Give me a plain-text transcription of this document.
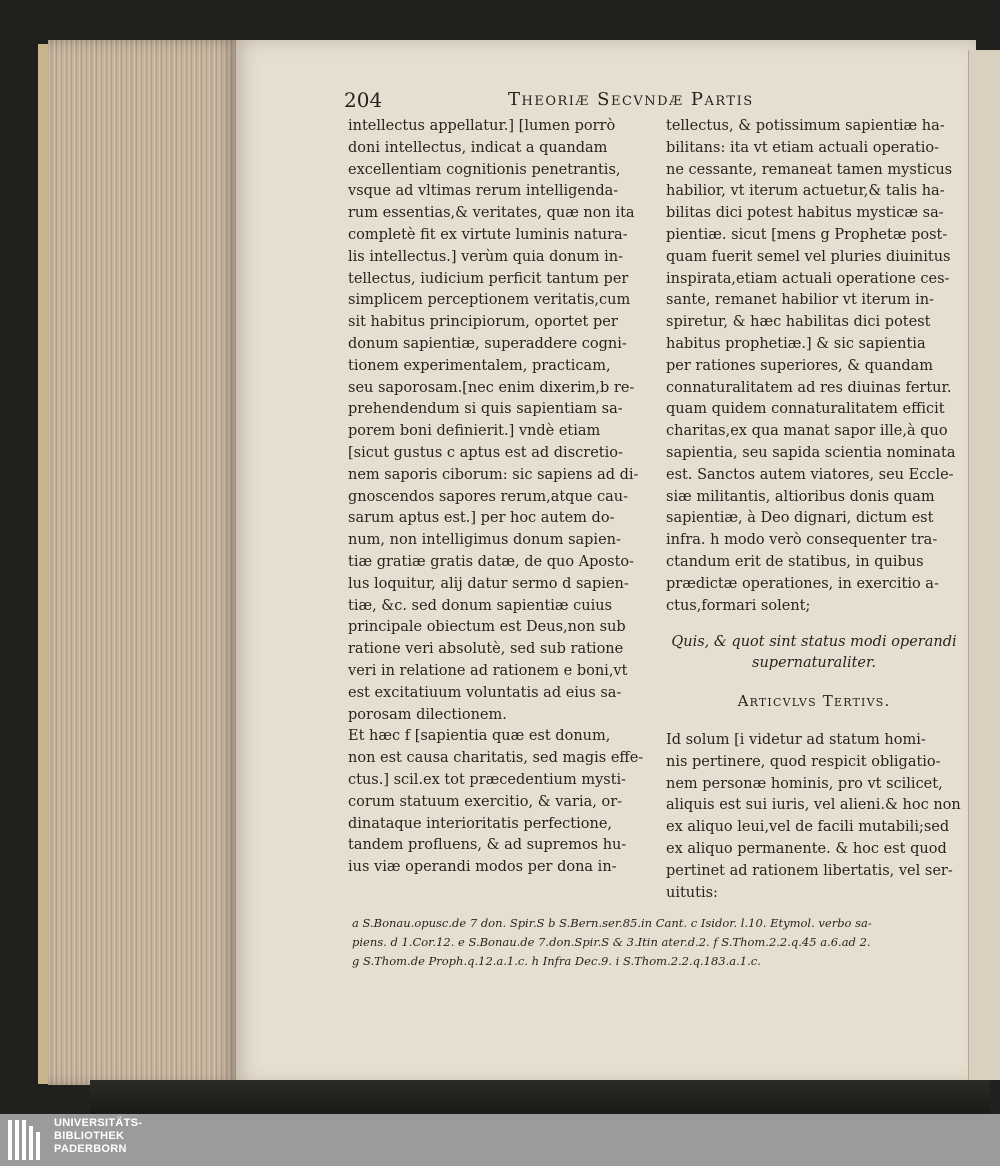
204	Theoriæ Secvndæ Partis
intellectus appellatur.] [lumen porrò
doni intellectus, indicat a quandam
excellentiam cognitionis penetrantis,
vsque ad vltimas rerum intelligenda-
rum essentias,& veritates, quæ non ita
completè fit ex virtute luminis natura-
lis intellectus.] verùm quia donum in-
tellectus, iudicium perficit tantum per
simplicem perceptionem veritatis,cum
sit habitus principiorum, oportet per
donum sapientiæ, superaddere cogni-
tionem experimentalem, practicam,
seu saporosam.[nec enim dixerim,b re-
prehendendum si quis sapientiam sa-
porem boni definierit.] vndè etiam
[sicut gustus c aptus est ad discretio-
nem saporis ciborum: sic sapiens ad di-
gnoscendos sapores rerum,atque cau-
sarum aptus est.] per hoc autem do-
num, non intelligimus donum sapien-
tiæ gratiæ gratis datæ, de quo Aposto-
lus loquitur, alij datur sermo d sapien-
tiæ, &c. sed donum sapientiæ cuius
principale obiectum est Deus,non sub
ratione veri absolutè, sed sub ratione
veri in relatione ad rationem e boni,vt
est excitatiuum voluntatis ad eius sa-
porosam dilectionem.
Et hæc f [sapientia quæ est donum,
non est causa charitatis, sed magis effe-
ctus.] scil.ex tot præcedentium mysti-
corum statuum exercitio, & varia, or-
dinataque interioritatis perfectione,
tandem profluens, & ad supremos hu-
ius viæ operandi modos per dona in-
tellectus, & potissimum sapientiæ ha-
bilitans: ita vt etiam actuali operatio-
ne cessante, remaneat tamen mysticus
habilior, vt iterum actuetur,& talis ha-
bilitas dici potest habitus mysticæ sa-
pientiæ. sicut [mens g Prophetæ post-
quam fuerit semel vel pluries diuinitus
inspirata,etiam actuali operatione ces-
sante, remanet habilior vt iterum in-
spiretur, & hæc habilitas dici potest
habitus prophetiæ.] & sic sapientia
per rationes superiores, & quandam
connaturalitatem ad res diuinas fertur.
quam quidem connaturalitatem efficit
charitas,ex qua manat sapor ille,à quo
sapientia, seu sapida scientia nominata
est. Sanctos autem viatores, seu Eccle-
siæ militantis, altioribus donis quam
sapientiæ, à Deo dignari, dictum est
infra. h modo verò consequenter tra-
ctandum erit de statibus, in quibus
prædictæ operationes, in exercitio a-
ctus,formari solent;
Quis, & quot sint status modi operandi
supernaturaliter.
Articvlvs Tertivs.
Id solum [i videtur ad statum homi-
nis pertinere, quod respicit obligatio-
nem personæ hominis, pro vt scilicet,
aliquis est sui iuris, vel alieni.& hoc non
ex aliquo leui,vel de facili mutabili;sed
ex aliquo permanente. & hoc est quod
pertinet ad rationem libertatis, vel ser-
uitutis:
a S.Bonau.opusc.de 7 don. Spir.S b S.Bern.ser.85.in Cant. c Isidor. l.10. Etymol. verbo sa-
piens. d 1.Cor.12. e S.Bonau.de 7.don.Spir.S & 3.Itin ater.d.2. f S.Thom.2.2.q.45 a.6.ad 2.
g S.Thom.de Proph.q.12.a.1.c. h Infra Dec.9. i S.Thom.2.2.q.183.a.1.c.
UNIVERSITÄTS-
BIBLIOTHEK
PADERBORN
